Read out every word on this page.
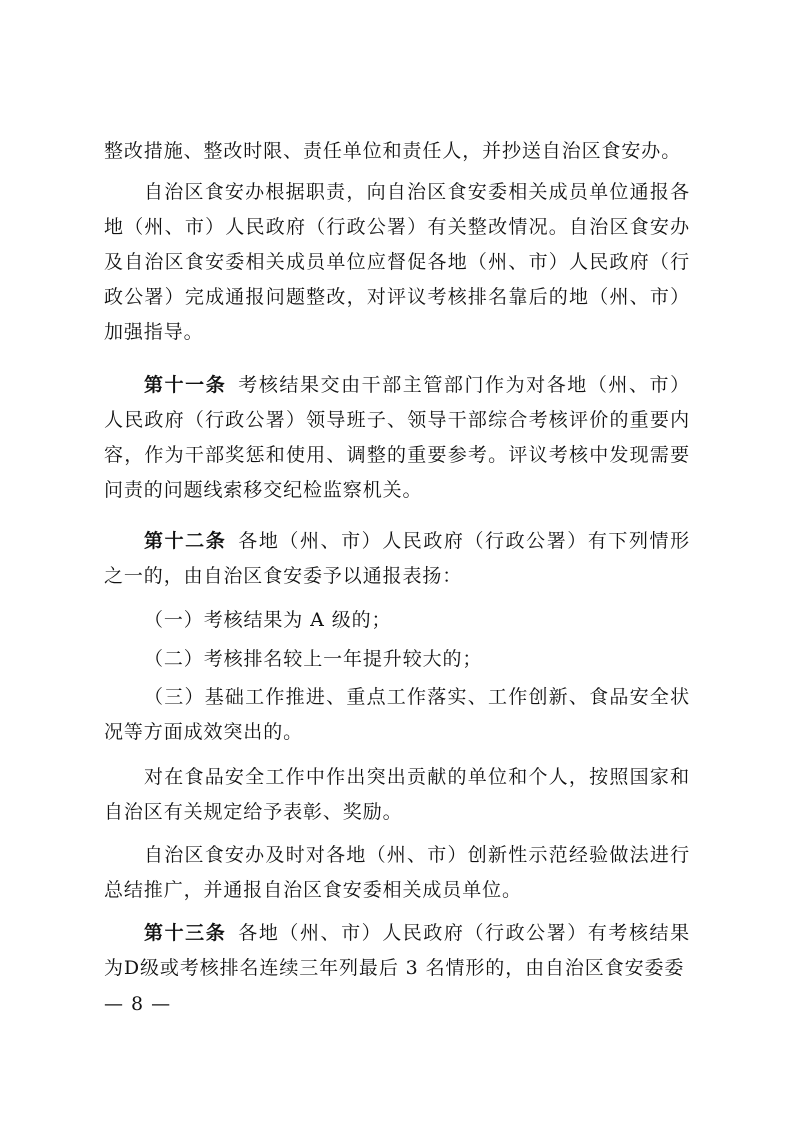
整改措施、整改时限、责任单位和责任人，并抄送自治区食安办。

自治区食安办根据职责，向自治区食安委相关成员单位通报各地（州、市）人民政府（行政公署）有关整改情况。自治区食安办及自治区食安委相关成员单位应督促各地（州、市）人民政府（行政公署）完成通报问题整改，对评议考核排名靠后的地（州、市）加强指导。

第十一条 考核结果交由干部主管部门作为对各地（州、市）人民政府（行政公署）领导班子、领导干部综合考核评价的重要内容，作为干部奖惩和使用、调整的重要参考。评议考核中发现需要问责的问题线索移交纪检监察机关。

第十二条 各地（州、市）人民政府（行政公署）有下列情形之一的，由自治区食安委予以通报表扬：

（一）考核结果为 A 级的；

（二）考核排名较上一年提升较大的；

（三）基础工作推进、重点工作落实、工作创新、食品安全状况等方面成效突出的。

对在食品安全工作中作出突出贡献的单位和个人，按照国家和自治区有关规定给予表彰、奖励。

自治区食安办及时对各地（州、市）创新性示范经验做法进行总结推广，并通报自治区食安委相关成员单位。

第十三条 各地（州、市）人民政府（行政公署）有考核结果为D级或考核排名连续三年列最后 3 名情形的，由自治区食安委委

— 8 —
